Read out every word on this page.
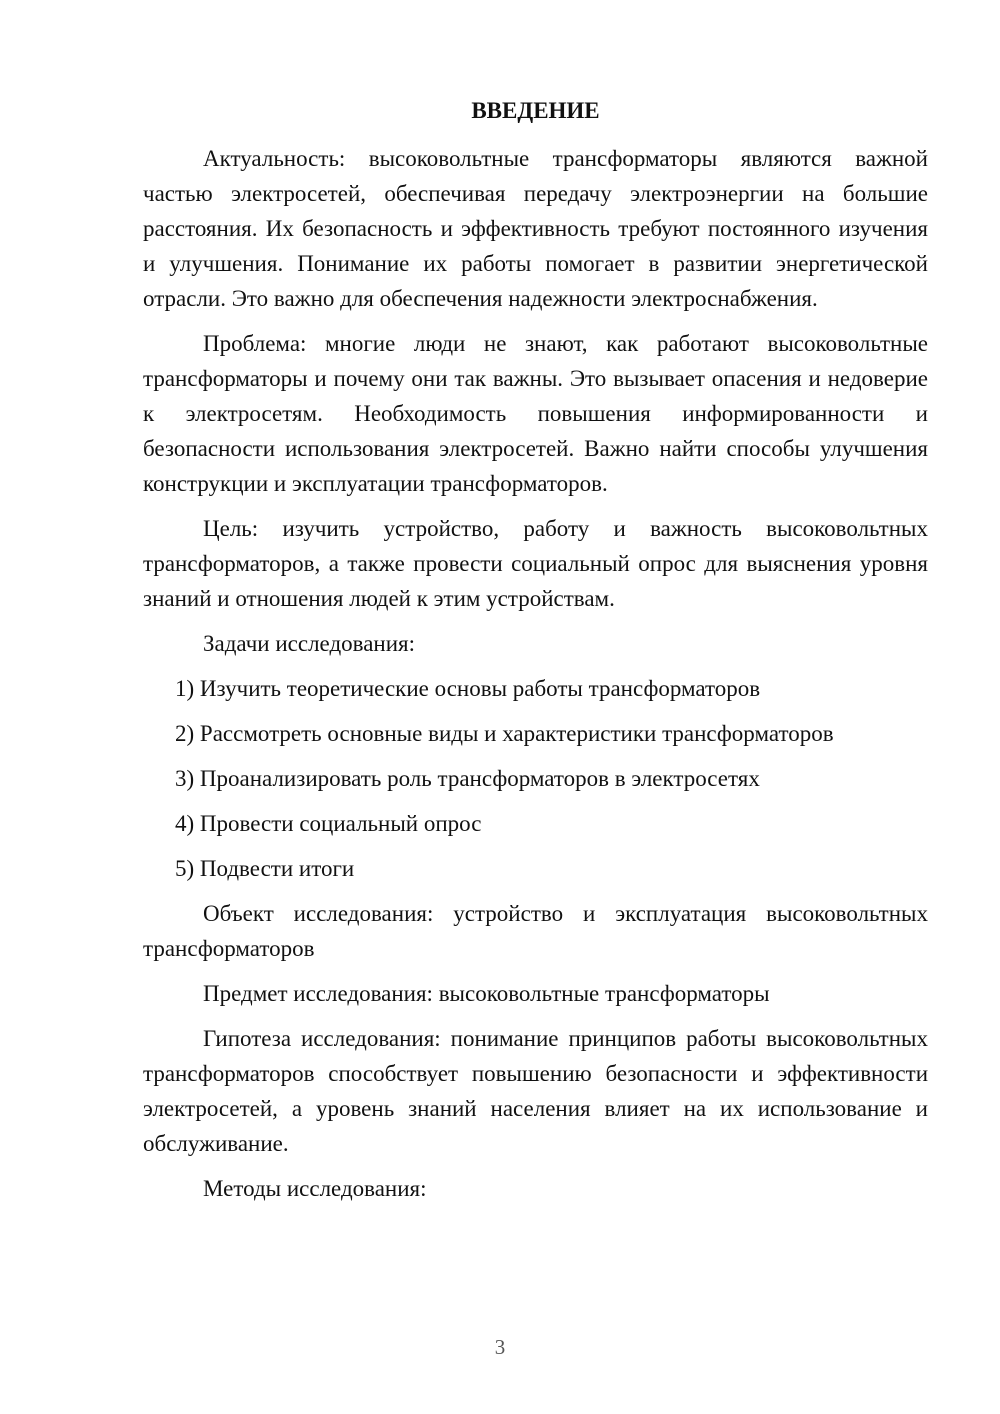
ВВЕДЕНИЕ

Актуальность: высоковольтные трансформаторы являются важной частью электросетей, обеспечивая передачу электроэнергии на большие расстояния. Их безопасность и эффективность требуют постоянного изучения и улучшения. Понимание их работы помогает в развитии энергетической отрасли. Это важно для обеспечения надежности электроснабжения.

Проблема: многие люди не знают, как работают высоковольтные трансформаторы и почему они так важны. Это вызывает опасения и недоверие к электросетям. Необходимость повышения информированности и безопасности использования электросетей. Важно найти способы улучшения конструкции и эксплуатации трансформаторов.

Цель: изучить устройство, работу и важность высоковольтных трансформаторов, а также провести социальный опрос для выяснения уровня знаний и отношения людей к этим устройствам.

Задачи исследования:

1) Изучить теоретические основы работы трансформаторов

2) Рассмотреть основные виды и характеристики трансформаторов

3) Проанализировать роль трансформаторов в электросетях

4) Провести социальный опрос

5) Подвести итоги

Объект исследования: устройство и эксплуатация высоковольтных трансформаторов

Предмет исследования: высоковольтные трансформаторы

Гипотеза исследования: понимание принципов работы высоковольтных трансформаторов способствует повышению безопасности и эффективности электросетей, а уровень знаний населения влияет на их использование и обслуживание.

Методы исследования:

3
